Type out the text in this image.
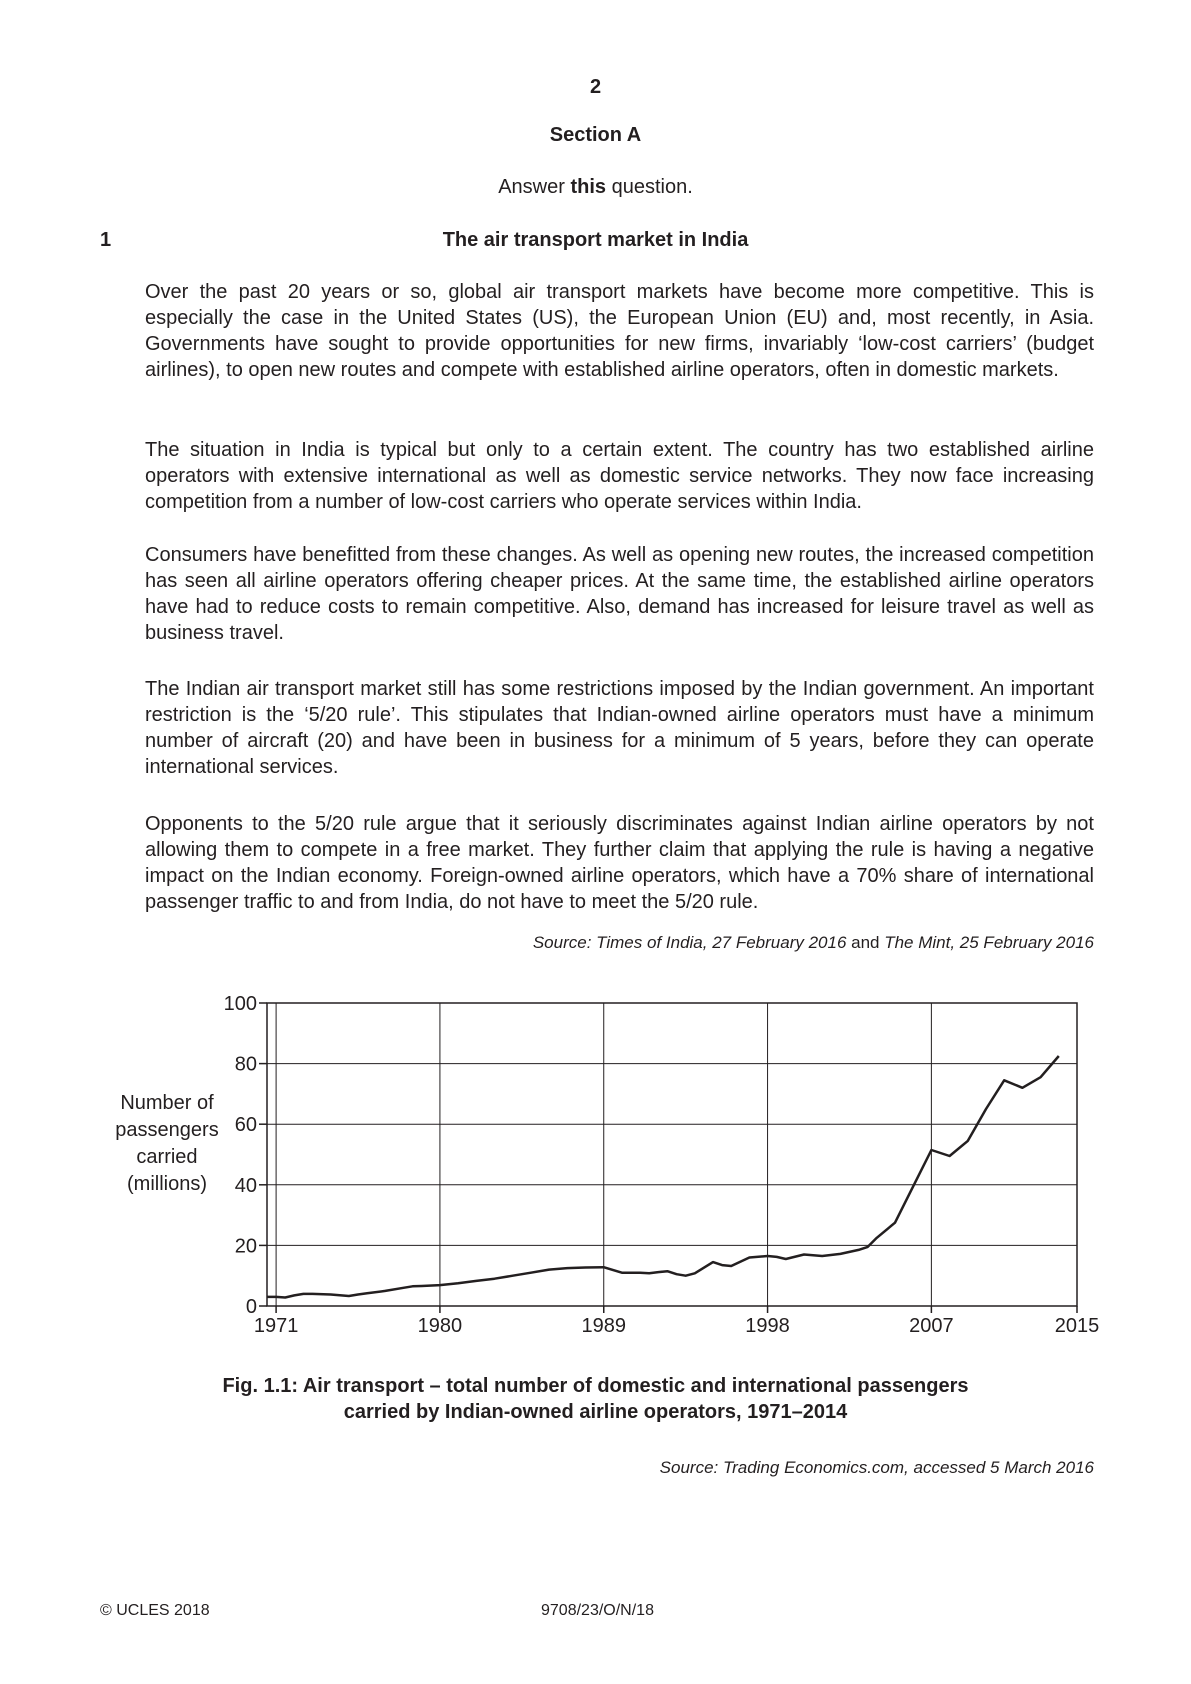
2
Section A
Answer this question.
1	The air transport market in India

Over the past 20 years or so, global air transport markets have become more competitive. This is especially the case in the United States (US), the European Union (EU) and, most recently, in Asia. Governments have sought to provide opportunities for new firms, invariably ‘low-cost carriers’ (budget airlines), to open new routes and compete with established airline operators, often in domestic markets.

The situation in India is typical but only to a certain extent. The country has two established airline operators with extensive international as well as domestic service networks. They now face increasing competition from a number of low-cost carriers who operate services within India.

Consumers have benefitted from these changes. As well as opening new routes, the increased competition has seen all airline operators offering cheaper prices. At the same time, the established airline operators have had to reduce costs to remain competitive. Also, demand has increased for leisure travel as well as business travel.

The Indian air transport market still has some restrictions imposed by the Indian government. An important restriction is the ‘5/20 rule’. This stipulates that Indian-owned airline operators must have a minimum number of aircraft (20) and have been in business for a minimum of 5 years, before they can operate international services.

Opponents to the 5/20 rule argue that it seriously discriminates against Indian airline operators by not allowing them to compete in a free market. They further claim that applying the rule is having a negative impact on the Indian economy. Foreign-owned airline operators, which have a 70% share of international passenger traffic to and from India, do not have to meet the 5/20 rule.

Source: Times of India, 27 February 2016 and The Mint, 25 February 2016
0
20
40
60
80
100
1971	1980	1989	1998	2007	2015
Number of
passengers
carried
(millions)
Fig. 1.1: Air transport – total number of domestic and international passengers
carried by Indian-owned airline operators, 1971–2014
Source: Trading Economics.com, accessed 5 March 2016
© UCLES 2018	9708/23/O/N/18
